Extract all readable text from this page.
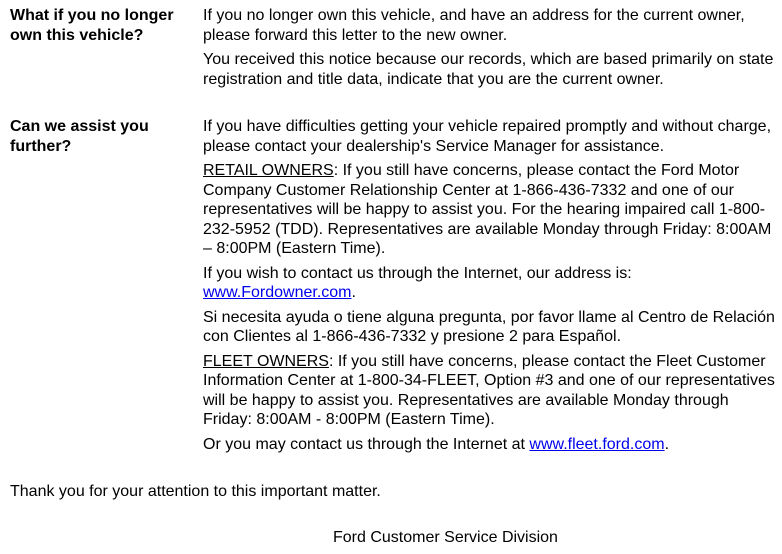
What if you no longer own this vehicle?

If you no longer own this vehicle, and have an address for the current owner, please forward this letter to the new owner.

You received this notice because our records, which are based primarily on state registration and title data, indicate that you are the current owner.

Can we assist you further?

If you have difficulties getting your vehicle repaired promptly and without charge, please contact your dealership's Service Manager for assistance.

RETAIL OWNERS: If you still have concerns, please contact the Ford Motor Company Customer Relationship Center at 1-866-436-7332 and one of our representatives will be happy to assist you. For the hearing impaired call 1-800-232-5952 (TDD). Representatives are available Monday through Friday: 8:00AM – 8:00PM (Eastern Time).

If you wish to contact us through the Internet, our address is: www.Fordowner.com.

Si necesita ayuda o tiene alguna pregunta, por favor llame al Centro de Relación con Clientes al 1-866-436-7332 y presione 2 para Español.

FLEET OWNERS: If you still have concerns, please contact the Fleet Customer Information Center at 1-800-34-FLEET, Option #3 and one of our representatives will be happy to assist you. Representatives are available Monday through Friday: 8:00AM - 8:00PM (Eastern Time).

Or you may contact us through the Internet at www.fleet.ford.com.

Thank you for your attention to this important matter.
Ford Customer Service Division
